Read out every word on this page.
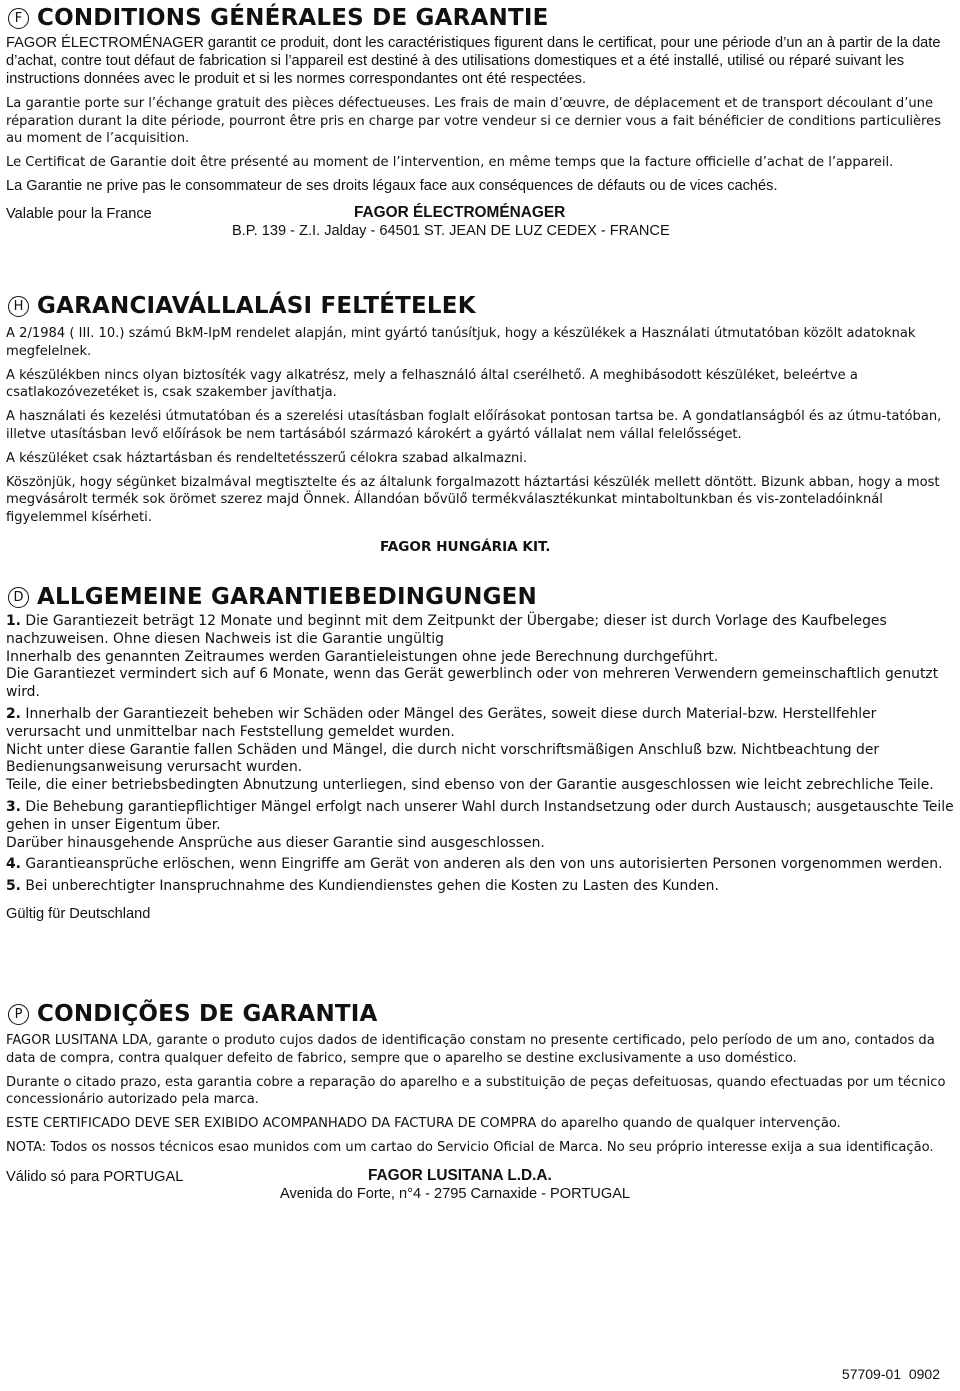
F CONDITIONS GÉNÉRALES DE GARANTIE

FAGOR ÉLECTROMÉNAGER garantit ce produit, dont les caractéristiques figurent dans le certificat, pour une période d’un an à partir de la date d’achat, contre tout défaut de fabrication si l’appareil est destiné à des utilisations domestiques et a été installé, utilisé ou réparé suivant les instructions données avec le produit et si les normes correspondantes ont été respectées.

La garantie porte sur l’échange gratuit des pièces défectueuses. Les frais de main d’œuvre, de déplacement et de transport découlant d’une réparation durant la dite période, pourront être pris en charge par votre vendeur si ce dernier vous a fait bénéficier de conditions particulières au moment de l’acquisition.

Le Certificat de Garantie doit être présenté au moment de l’intervention, en même temps que la facture officielle d’achat de l’appareil.

La Garantie ne prive pas le consommateur de ses droits légaux face aux conséquences de défauts ou de vices cachés.

Valable pour la France	FAGOR ÉLECTROMÉNAGER
B.P. 139 - Z.I. Jalday - 64501 ST. JEAN DE LUZ CEDEX - FRANCE
H GARANCIAVÁLLALÁSI FELTÉTELEK

A 2/1984 ( III. 10.) számú BkM-IpM rendelet alapján, mint gyártó tanúsítjuk, hogy a készülékek a Használati útmutatóban közölt adatoknak megfelelnek.

A készülékben nincs olyan biztosíték vagy alkatrész, mely a felhasználó által cserélhető. A meghibásodott készüléket, beleértve a csatlakozóvezetéket is, csak szakember javíthatja.

A használati és kezelési útmutatóban és a szerelési utasításban foglalt előírásokat pontosan tartsa be. A gondatlanságból és az útmu-tatóban, illetve utasításban levő előírások be nem tartásából származó károkért a gyártó vállalat nem vállal felelősséget.

A készüléket csak háztartásban és rendeltetésszerű célokra szabad alkalmazni.

Köszönjük, hogy ségünket bizalmával megtisztelte és az általunk forgalmazott háztartási készülék mellett döntött. Bizunk abban, hogy a most megvásárolt termék sok örömet szerez majd Önnek. Állandóan bővülő termékválasztékunkat mintaboltunkban és vis-zonteladóinknál figyelemmel kísérheti.

FAGOR HUNGÁRIA KIT.

D ALLGEMEINE GARANTIEBEDINGUNGEN

1. Die Garantiezeit beträgt 12 Monate und beginnt mit dem Zeitpunkt der Übergabe; dieser ist durch Vorlage des Kaufbeleges nachzuweisen. Ohne diesen Nachweis ist die Garantie ungültig

Innerhalb des genannten Zeitraumes werden Garantieleistungen ohne jede Berechnung durchgeführt.

Die Garantiezet vermindert sich auf 6 Monate, wenn das Gerät gewerblinch oder von mehreren Verwendern gemeinschaftlich genutzt wird.

2. Innerhalb der Garantiezeit beheben wir Schäden oder Mängel des Gerätes, soweit diese durch Material-bzw. Herstellfehler verursacht und unmittelbar nach Feststellung gemeldet wurden.

Nicht unter diese Garantie fallen Schäden und Mängel, die durch nicht vorschriftsmäßigen Anschluß bzw. Nichtbeachtung der Bedienungsanweisung verursacht wurden.

Teile, die einer betriebsbedingten Abnutzung unterliegen, sind ebenso von der Garantie ausgeschlossen wie leicht zebrechliche Teile.

3. Die Behebung garantiepflichtiger Mängel erfolgt nach unserer Wahl durch Instandsetzung oder durch Austausch; ausgetauschte Teile gehen in unser Eigentum über.

Darüber hinausgehende Ansprüche aus dieser Garantie sind ausgeschlossen.

4. Garantieansprüche erlöschen, wenn Eingriffe am Gerät von anderen als den von uns autorisierten Personen vorgenommen werden.

5. Bei unberechtigter Inanspruchnahme des Kundiendienstes gehen die Kosten zu Lasten des Kunden.

Gültig für Deutschland

P CONDIÇÕES DE GARANTIA

FAGOR LUSITANA LDA, garante o produto cujos dados de identificação constam no presente certificado, pelo período de um ano, contados da data de compra, contra qualquer defeito de fabrico, sempre que o aparelho se destine exclusivamente a uso doméstico.

Durante o citado prazo, esta garantia cobre a reparação do aparelho e a substituição de peças defeituosas, quando efectuadas por um técnico concessionário autorizado pela marca.

ESTE CERTIFICADO DEVE SER EXIBIDO ACOMPANHADO DA FACTURA DE COMPRA do aparelho quando de qualquer intervenção.

NOTA: Todos os nossos técnicos esao munidos com um cartao do Servicio Oficial de Marca. No seu próprio interesse exija a sua identificação.

Válido só para PORTUGAL	FAGOR LUSITANA L.D.A.
Avenida do Forte, n°4 - 2795 Carnaxide - PORTUGAL
57709-01  0902
